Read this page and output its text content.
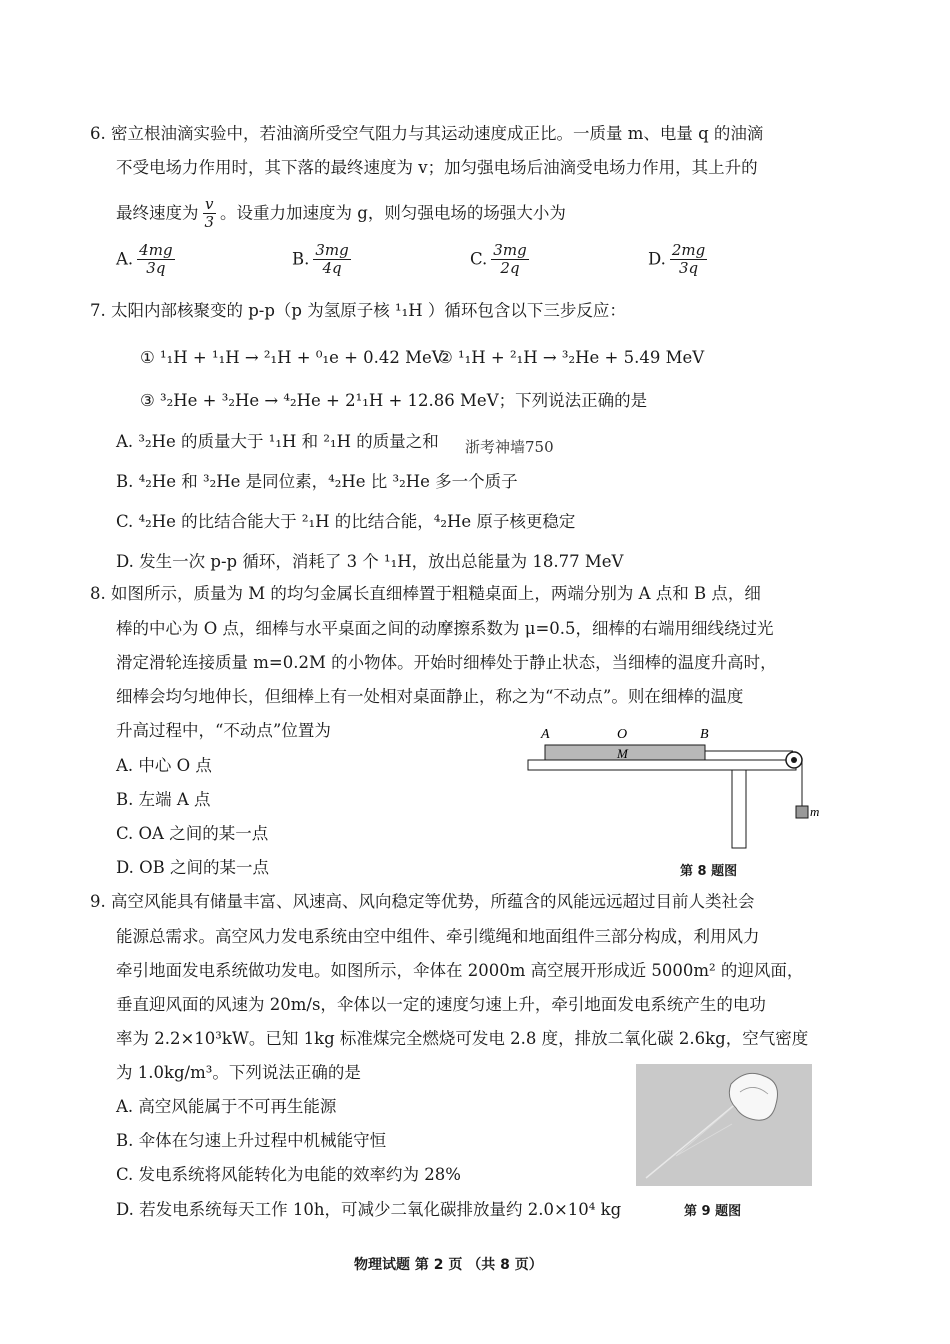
6. 密立根油滴实验中，若油滴所受空气阻力与其运动速度成正比。一质量 m、电量 q 的油滴
不受电场力作用时，其下落的最终速度为 v；加匀强电场后油滴受电场力作用，其上升的
最终速度为 $\frac{v}{3}$ 。设重力加速度为 g，则匀强电场的场强大小为
A. $\frac{4mg}{3q}$	B. $\frac{3mg}{4q}$	C. $\frac{3mg}{2q}$	D. $\frac{2mg}{3q}$
7. 太阳内部核聚变的 p-p（p 为氢原子核 ¹₁H ）循环包含以下三步反应：
① ¹₁H + ¹₁H → ²₁H + ⁰₁e + 0.42 MeV
② ¹₁H + ²₁H → ³₂He + 5.49 MeV
③ ³₂He + ³₂He → ⁴₂He + 2¹₁H + 12.86 MeV；下列说法正确的是
A. ³₂He 的质量大于 ¹₁H 和 ²₁H 的质量之和 浙考神墙750
B. ⁴₂He 和 ³₂He 是同位素，⁴₂He 比 ³₂He 多一个质子
C. ⁴₂He 的比结合能大于 ²₁H 的比结合能，⁴₂He 原子核更稳定
D. 发生一次 p-p 循环，消耗了 3 个 ¹₁H，放出总能量为 18.77 MeV
8. 如图所示，质量为 M 的均匀金属长直细棒置于粗糙桌面上，两端分别为 A 点和 B 点，细
棒的中心为 O 点，细棒与水平桌面之间的动摩擦系数为 μ=0.5，细棒的右端用细线绕过光
滑定滑轮连接质量 m=0.2M 的小物体。开始时细棒处于静止状态，当细棒的温度升高时，
细棒会均匀地伸长，但细棒上有一处相对桌面静止，称之为“不动点”。则在细棒的温度
升高过程中，“不动点”位置为
A. 中心 O 点
B. 左端 A 点
C. OA 之间的某一点
D. OB 之间的某一点
A	O	B
M
m
第 8 题图
9. 高空风能具有储量丰富、风速高、风向稳定等优势，所蕴含的风能远远超过目前人类社会
能源总需求。高空风力发电系统由空中组件、牵引缆绳和地面组件三部分构成，利用风力
牵引地面发电系统做功发电。如图所示，伞体在 2000m 高空展开形成近 5000m² 的迎风面，
垂直迎风面的风速为 20m/s，伞体以一定的速度匀速上升，牵引地面发电系统产生的电功
率为 2.2×10³kW。已知 1kg 标准煤完全燃烧可发电 2.8 度，排放二氧化碳 2.6kg，空气密度
为 1.0kg/m³。下列说法正确的是
A. 高空风能属于不可再生能源
B. 伞体在匀速上升过程中机械能守恒
C. 发电系统将风能转化为电能的效率约为 28%
D. 若发电系统每天工作 10h，可减少二氧化碳排放量约 2.0×10⁴ kg	第 9 题图
物理试题 第 2 页 （共 8 页）
